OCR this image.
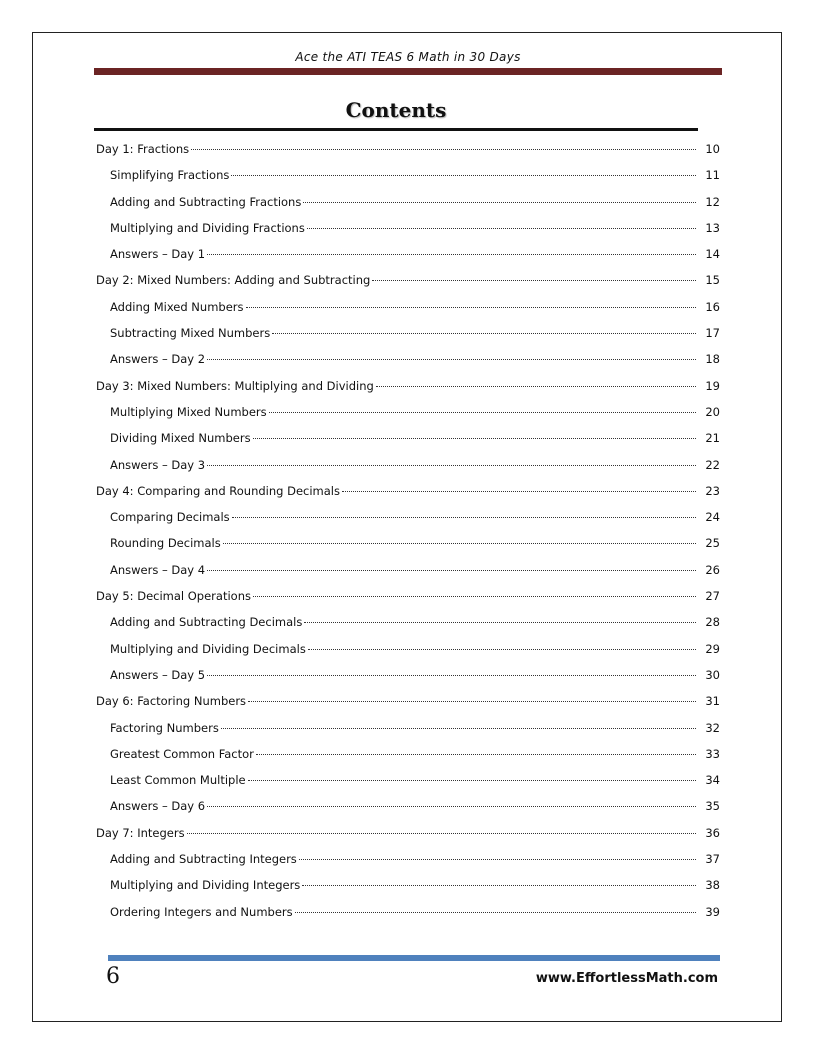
Ace the ATI TEAS 6 Math in 30 Days
Contents
Day 1: Fractions	10
Simplifying Fractions	11
Adding and Subtracting Fractions	12
Multiplying and Dividing Fractions	13
Answers – Day 1	14
Day 2: Mixed Numbers: Adding and Subtracting	15
Adding Mixed Numbers	16
Subtracting Mixed Numbers	17
Answers – Day 2	18
Day 3: Mixed Numbers: Multiplying and Dividing	19
Multiplying Mixed Numbers	20
Dividing Mixed Numbers	21
Answers – Day 3	22
Day 4: Comparing and Rounding Decimals	23
Comparing Decimals	24
Rounding Decimals	25
Answers – Day 4	26
Day 5: Decimal Operations	27
Adding and Subtracting Decimals	28
Multiplying and Dividing Decimals	29
Answers – Day 5	30
Day 6: Factoring Numbers	31
Factoring Numbers	32
Greatest Common Factor	33
Least Common Multiple	34
Answers – Day 6	35
Day 7: Integers	36
Adding and Subtracting Integers	37
Multiplying and Dividing Integers	38
Ordering Integers and Numbers	39
6	www.EffortlessMath.com
